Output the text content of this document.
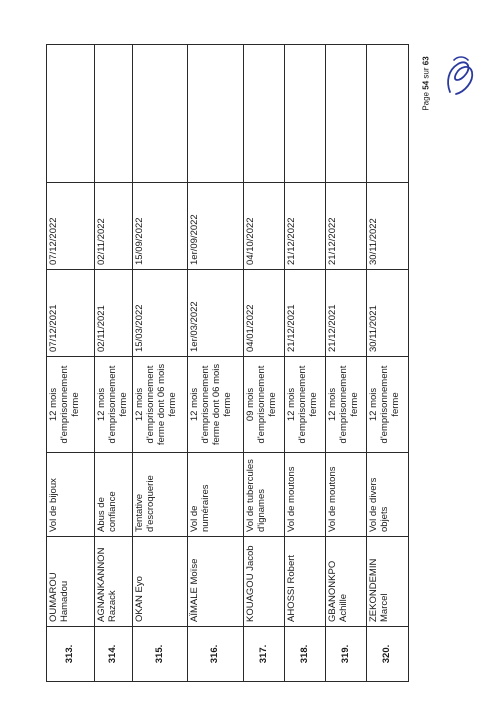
313.	OUMAROU Hamadou	Vol de bijoux	12 mois d'emprisonnement ferme	07/12/2021	07/12/2022	
314.	AGNANKANNON Razack	Abus de confiance	12 mois d'emprisonnement ferme	02/11/2021	02/11/2022	
315.	OKAN Eyo	Tentative d'escroquerie	12 mois d'emprisonnement ferme dont 06 mois ferme	15/03/2022	15/09/2022	
316.	AÏMALE Moïse	Vol de numéraires	12 mois d'emprisonnement ferme dont 06 mois ferme	1er/03/2022	1er/09/2022	
317.	KOUAGOU Jacob	Vol de tubercules d'ignames	09 mois d'emprisonnement ferme	04/01/2022	04/10/2022	
318.	AHOSSI Robert	Vol de moutons	12 mois d'emprisonnement ferme	21/12/2021	21/12/2022	
319.	GBANONKPO Achille	Vol de moutons	12 mois d'emprisonnement ferme	21/12/2021	21/12/2022	
320.	ZEKONDEMIN Marcel	Vol de divers objets	12 mois d'emprisonnement ferme	30/11/2021	30/11/2022	
Page 54 sur 63
